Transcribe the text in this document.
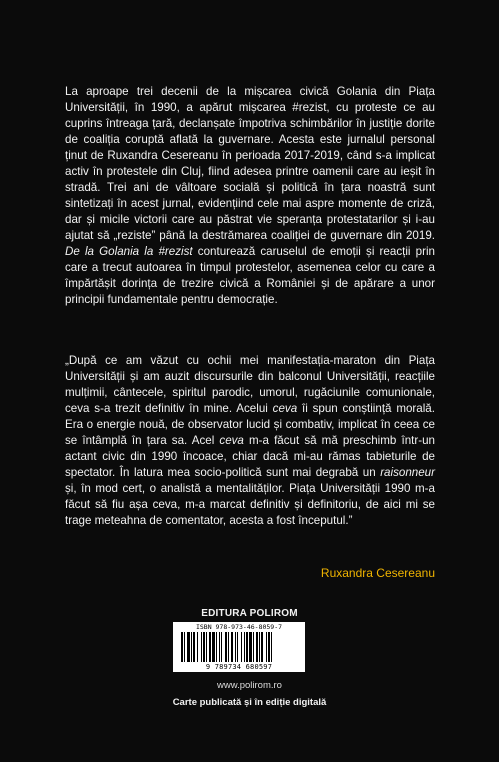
La aproape trei decenii de la mișcarea civică Golania din Piața Universității, în 1990, a apărut mișcarea #rezist, cu proteste ce au cuprins întreaga țară, declanșate împotriva schimbărilor în justiție dorite de coaliția coruptă aflată la guvernare. Acesta este jurnalul personal ținut de Ruxandra Cesereanu în perioada 2017-2019, când s-a implicat activ în protestele din Cluj, fiind adesea printre oamenii care au ieșit în stradă. Trei ani de vâltoare socială și politică în țara noastră sunt sintetizați în acest jurnal, evidențiind cele mai aspre momente de criză, dar și micile victorii care au păstrat vie speranța protestatarilor și i-au ajutat să „reziste” până la destrămarea coaliției de guvernare din 2019. De la Golania la #rezist conturează caruselul de emoții și reacții prin care a trecut autoarea în timpul protestelor, asemenea celor cu care a împărtășit dorința de trezire civică a României și de apărare a unor principii fundamentale pentru democrație.

„După ce am văzut cu ochii mei manifestația-maraton din Piața Universității și am auzit discursurile din balconul Universității, reacțiile mulțimii, cântecele, spiritul parodic, umorul, rugăciunile comunionale, ceva s-a trezit definitiv în mine. Acelui ceva îi spun conștiință morală. Era o energie nouă, de observator lucid și combativ, implicat în ceea ce se întâmplă în țara sa. Acel ceva m-a făcut să mă preschimb într-un actant civic din 1990 încoace, chiar dacă mi-au rămas tabieturile de spectator. În latura mea socio-politică sunt mai degrabă un raisonneur și, în mod cert, o analistă a mentalităților. Piața Universității 1990 m-a făcut să fiu așa ceva, m-a marcat definitiv și definitoriu, de aici mi se trage meteahna de comentator, acesta a fost începutul.”

Ruxandra Cesereanu
EDITURA POLIROM
ISBN 978-973-46-8059-7
9 789734 680597
www.polirom.ro
Carte publicată și în ediție digitală
